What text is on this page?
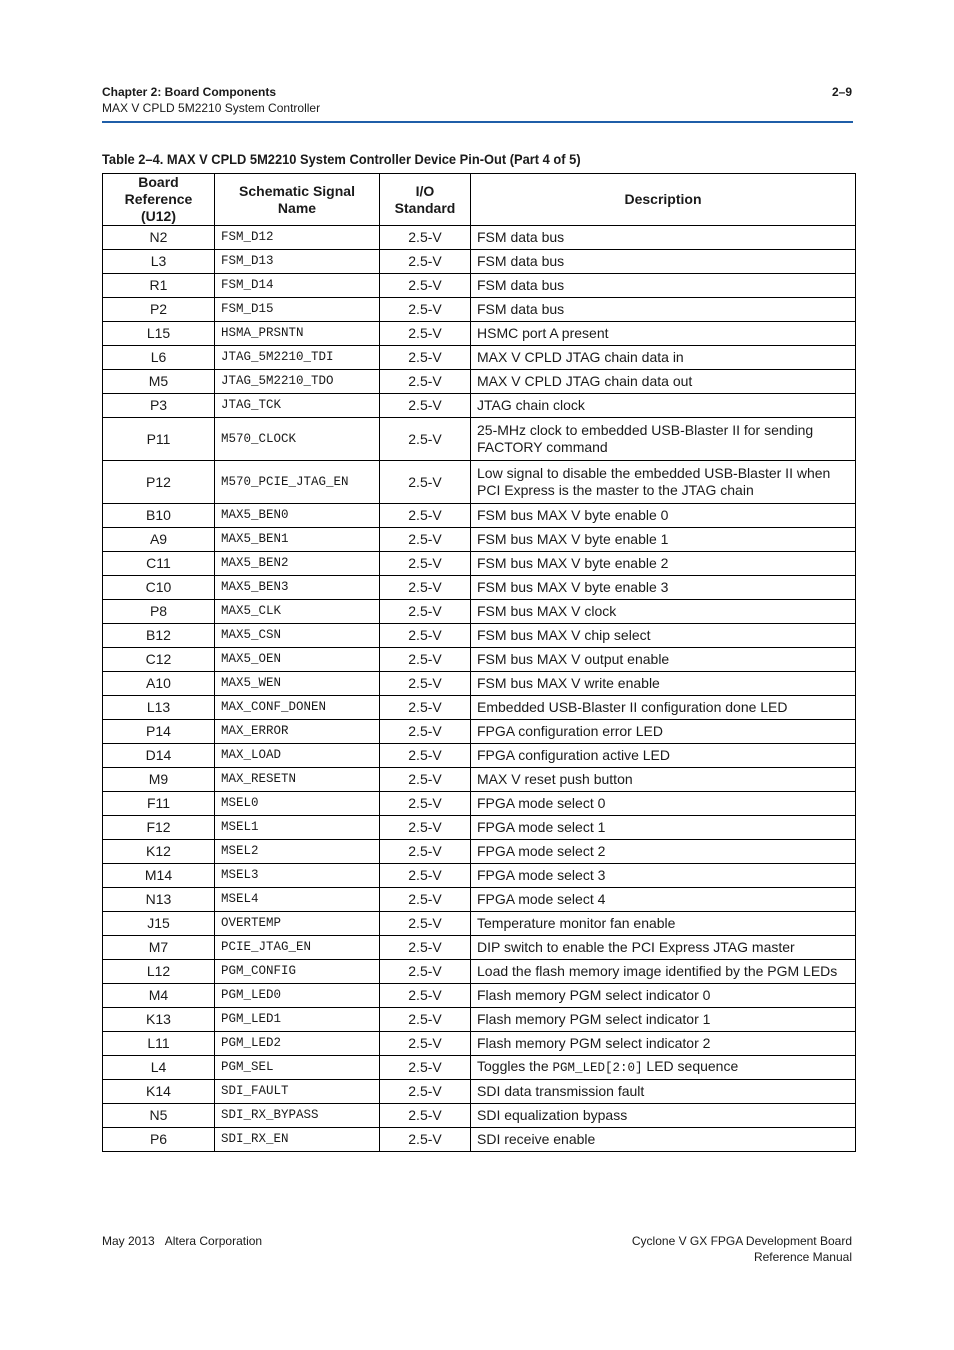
Chapter 2: Board Components
MAX V CPLD 5M2210 System Controller
2–9
Table 2–4. MAX V CPLD 5M2210 System Controller Device Pin-Out (Part 4 of 5)
Board
Reference (U12)	Schematic Signal Name	I/O Standard	Description
N2	FSM_D12	2.5-V	FSM data bus
L3	FSM_D13	2.5-V	FSM data bus
R1	FSM_D14	2.5-V	FSM data bus
P2	FSM_D15	2.5-V	FSM data bus
L15	HSMA_PRSNTN	2.5-V	HSMC port A present
L6	JTAG_5M2210_TDI	2.5-V	MAX V CPLD JTAG chain data in
M5	JTAG_5M2210_TDO	2.5-V	MAX V CPLD JTAG chain data out
P3	JTAG_TCK	2.5-V	JTAG chain clock
P11	M570_CLOCK	2.5-V	25-MHz clock to embedded USB-Blaster II for sending FACTORY command
P12	M570_PCIE_JTAG_EN	2.5-V	Low signal to disable the embedded USB-Blaster II when PCI Express is the master to the JTAG chain
B10	MAX5_BEN0	2.5-V	FSM bus MAX V byte enable 0
A9	MAX5_BEN1	2.5-V	FSM bus MAX V byte enable 1
C11	MAX5_BEN2	2.5-V	FSM bus MAX V byte enable 2
C10	MAX5_BEN3	2.5-V	FSM bus MAX V byte enable 3
P8	MAX5_CLK	2.5-V	FSM bus MAX V clock
B12	MAX5_CSN	2.5-V	FSM bus MAX V chip select
C12	MAX5_OEN	2.5-V	FSM bus MAX V output enable
A10	MAX5_WEN	2.5-V	FSM bus MAX V write enable
L13	MAX_CONF_DONEN	2.5-V	Embedded USB-Blaster II configuration done LED
P14	MAX_ERROR	2.5-V	FPGA configuration error LED
D14	MAX_LOAD	2.5-V	FPGA configuration active LED
M9	MAX_RESETN	2.5-V	MAX V reset push button
F11	MSEL0	2.5-V	FPGA mode select 0
F12	MSEL1	2.5-V	FPGA mode select 1
K12	MSEL2	2.5-V	FPGA mode select 2
M14	MSEL3	2.5-V	FPGA mode select 3
N13	MSEL4	2.5-V	FPGA mode select 4
J15	OVERTEMP	2.5-V	Temperature monitor fan enable
M7	PCIE_JTAG_EN	2.5-V	DIP switch to enable the PCI Express JTAG master
L12	PGM_CONFIG	2.5-V	Load the flash memory image identified by the PGM LEDs
M4	PGM_LED0	2.5-V	Flash memory PGM select indicator 0
K13	PGM_LED1	2.5-V	Flash memory PGM select indicator 1
L11	PGM_LED2	2.5-V	Flash memory PGM select indicator 2
L4	PGM_SEL	2.5-V	Toggles the PGM_LED[2:0] LED sequence
K14	SDI_FAULT	2.5-V	SDI data transmission fault
N5	SDI_RX_BYPASS	2.5-V	SDI equalization bypass
P6	SDI_RX_EN	2.5-V	SDI receive enable
May 2013 Altera Corporation	Cyclone V GX FPGA Development Board
Reference Manual
